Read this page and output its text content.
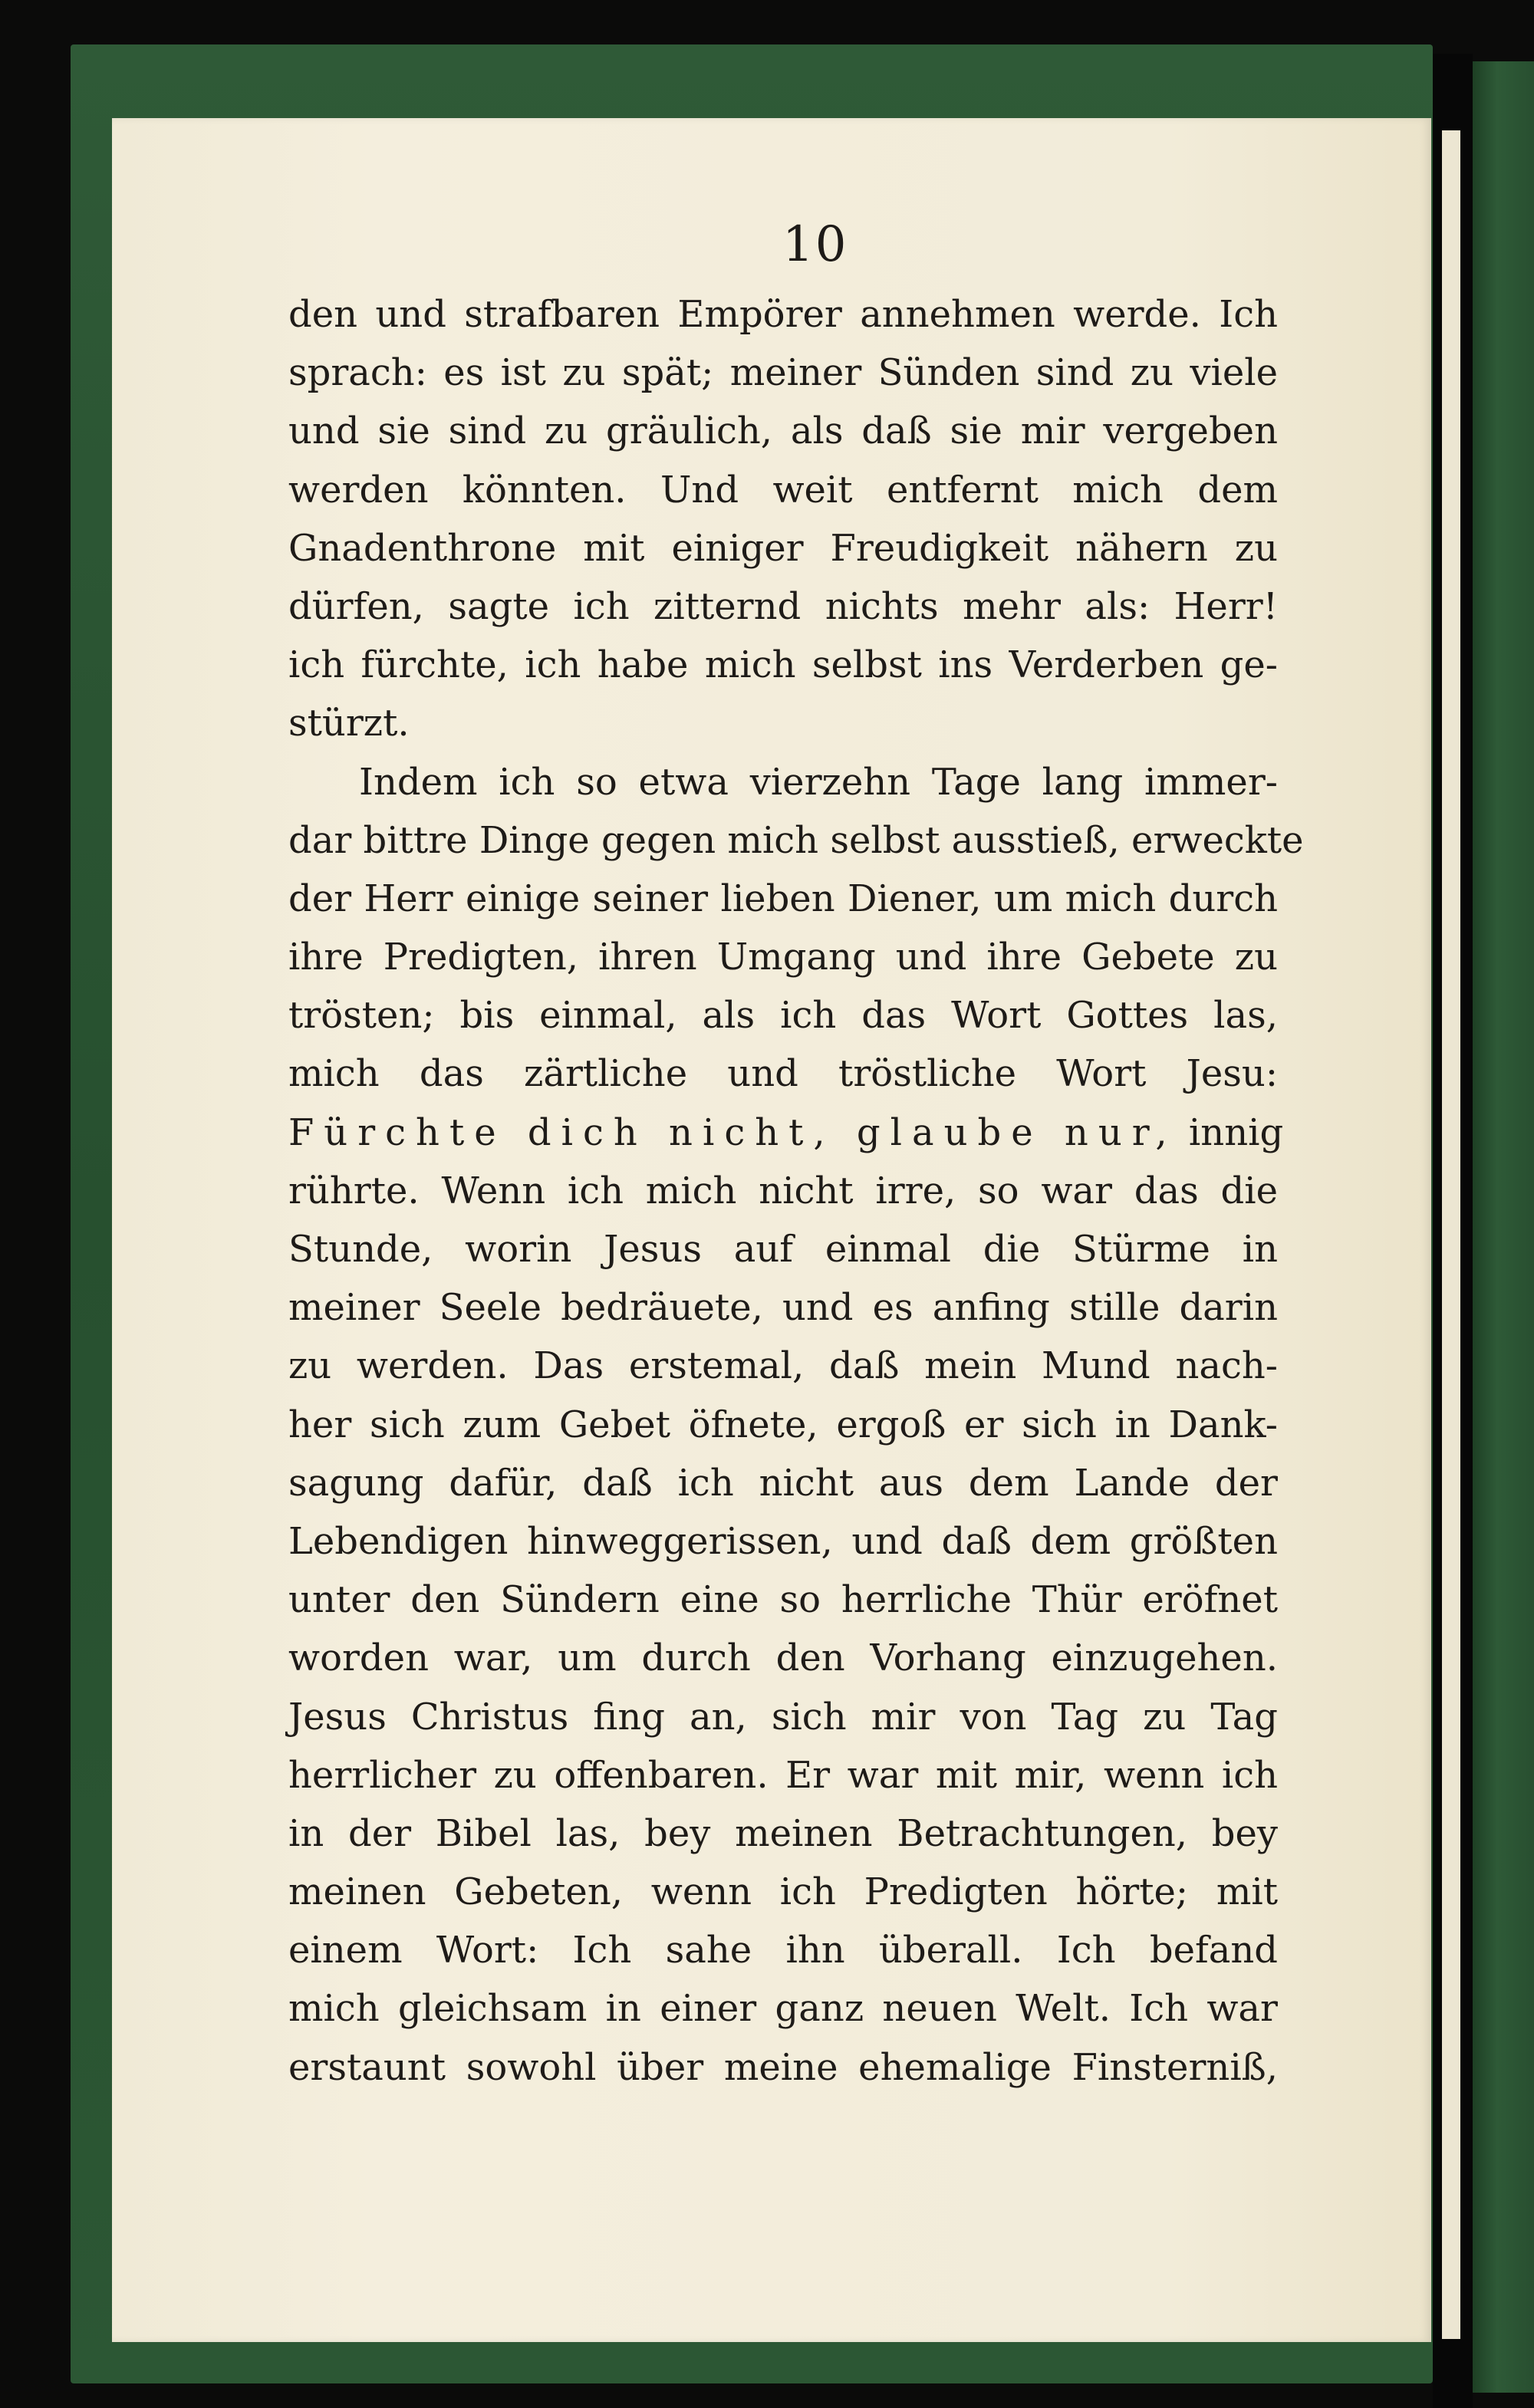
10
den und strafbaren Empörer annehmen werde. Ich
sprach: es ist zu spät; meiner Sünden sind zu viele
und sie sind zu gräulich, als daß sie mir vergeben
werden könnten. Und weit entfernt mich dem
Gnadenthrone mit einiger Freudigkeit nähern zu
dürfen, sagte ich zitternd nichts mehr als: Herr!
ich fürchte, ich habe mich selbst ins Verderben ge-
stürzt.
Indem ich so etwa vierzehn Tage lang immer-
dar bittre Dinge gegen mich selbst ausstieß, erweckte
der Herr einige seiner lieben Diener, um mich durch
ihre Predigten, ihren Umgang und ihre Gebete zu
trösten; bis einmal, als ich das Wort Gottes las,
mich das zärtliche und tröstliche Wort Jesu:
Fürchte dich nicht, glaube nur, innig
rührte. Wenn ich mich nicht irre, so war das die
Stunde, worin Jesus auf einmal die Stürme in
meiner Seele bedräuete, und es anfing stille darin
zu werden. Das erstemal, daß mein Mund nach-
her sich zum Gebet öfnete, ergoß er sich in Dank-
sagung dafür, daß ich nicht aus dem Lande der
Lebendigen hinweggerissen, und daß dem größten
unter den Sündern eine so herrliche Thür eröfnet
worden war, um durch den Vorhang einzugehen.
Jesus Christus fing an, sich mir von Tag zu Tag
herrlicher zu offenbaren. Er war mit mir, wenn ich
in der Bibel las, bey meinen Betrachtungen, bey
meinen Gebeten, wenn ich Predigten hörte; mit
einem Wort: Ich sahe ihn überall. Ich befand
mich gleichsam in einer ganz neuen Welt. Ich war
erstaunt sowohl über meine ehemalige Finsterniß,
